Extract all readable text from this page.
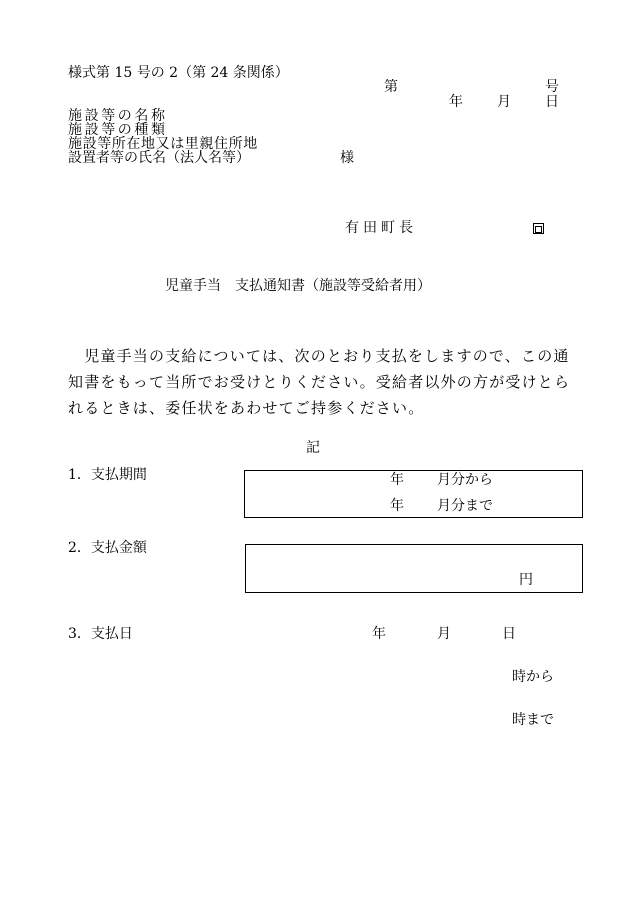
様式第 15 号の 2（第 24 条関係）
第	号
年 月 日
施設等の名称
施設等の種類
施設等所在地又は里親住所地
設置者等の氏名（法人名等）	様
有田町長
児童手当　支払通知書（施設等受給者用）
　児童手当の支給については、次のとおり支払をしますので、この通
知書をもって当所でお受けとりください。受給者以外の方が受けとら
れるときは、委任状をあわせてご持参ください。
記
1．支払期間	年 月分から
年 月分まで
2．支払金額
円
3．支払日	年	月	日
時から
時まで
